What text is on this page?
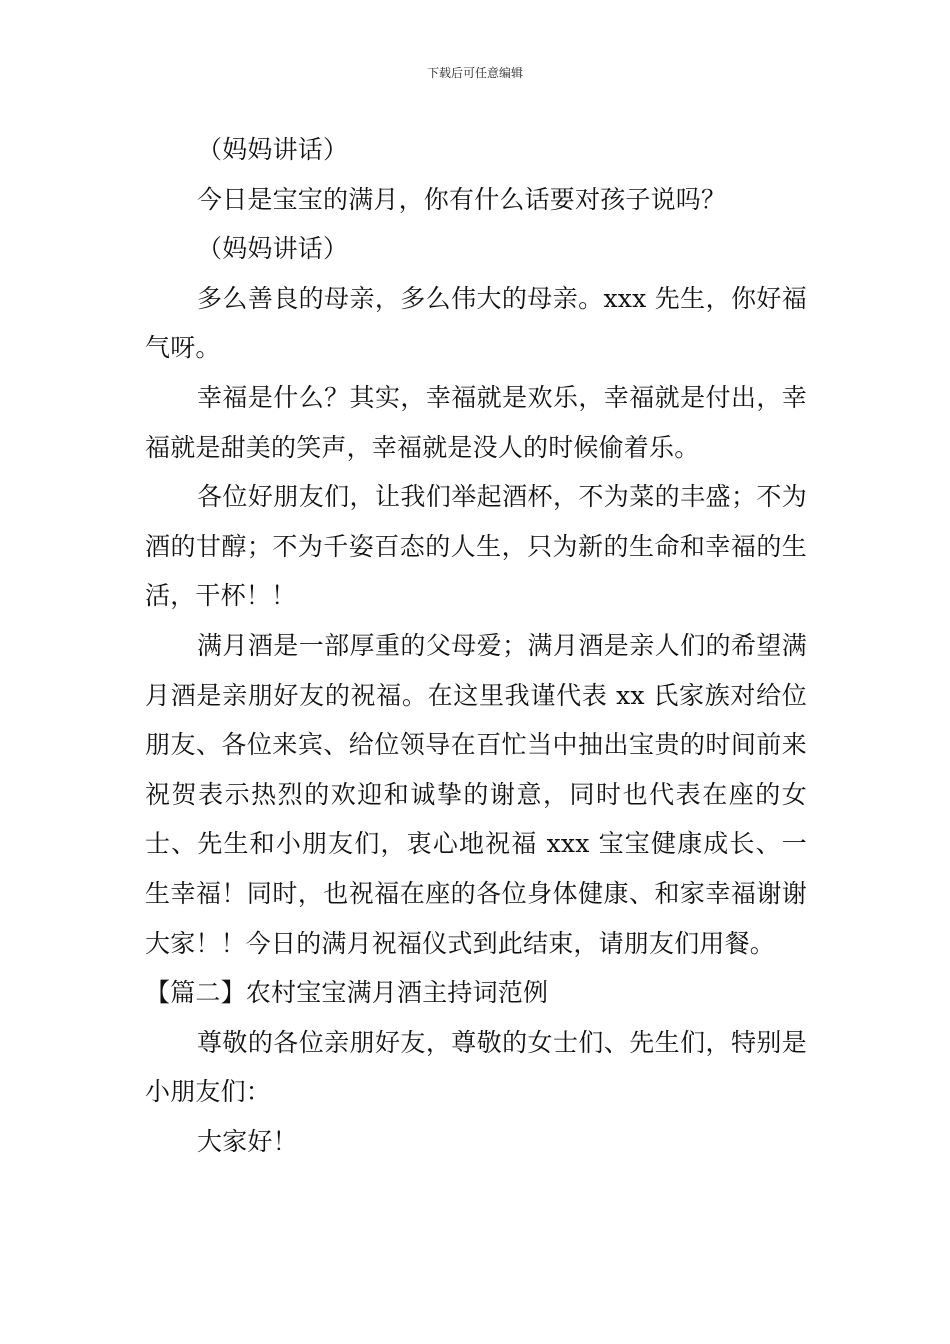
下载后可任意编辑

（妈妈讲话）

今日是宝宝的满月，你有什么话要对孩子说吗？

（妈妈讲话）

多么善良的母亲，多么伟大的母亲。xxx 先生，你好福气呀。

幸福是什么？其实，幸福就是欢乐，幸福就是付出，幸福就是甜美的笑声，幸福就是没人的时候偷着乐。

各位好朋友们，让我们举起酒杯，不为菜的丰盛；不为酒的甘醇；不为千姿百态的人生，只为新的生命和幸福的生活，干杯！！

满月酒是一部厚重的父母爱；满月酒是亲人们的希望满月酒是亲朋好友的祝福。在这里我谨代表 xx 氏家族对给位朋友、各位来宾、给位领导在百忙当中抽出宝贵的时间前来祝贺表示热烈的欢迎和诚挚的谢意，同时也代表在座的女士、先生和小朋友们，衷心地祝福 xxx 宝宝健康成长、一生幸福！同时，也祝福在座的各位身体健康、和家幸福谢谢大家！！今日的满月祝福仪式到此结束，请朋友们用餐。

【篇二】农村宝宝满月酒主持词范例

尊敬的各位亲朋好友，尊敬的女士们、先生们，特别是小朋友们：

大家好！
